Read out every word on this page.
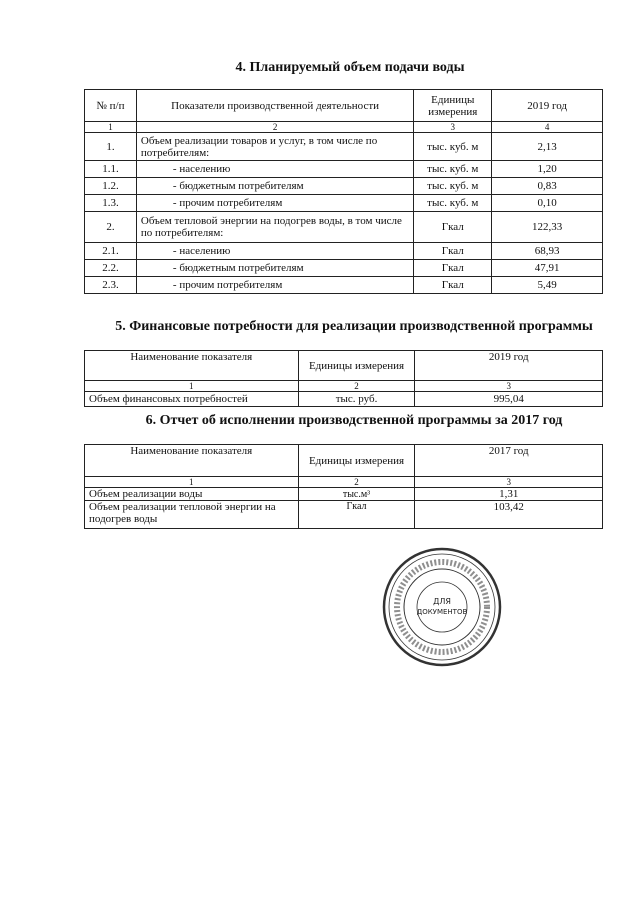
4. Планируемый объем подачи воды
№ п/п	Показатели производственной деятельности	Единицы измерения	2019 год
1	2	3	4
1.	Объем реализации товаров и услуг, в том числе по потребителям:	тыс. куб. м	2,13
1.1.	- населению	тыс. куб. м	1,20
1.2.	- бюджетным потребителям	тыс. куб. м	0,83
1.3.	- прочим потребителям	тыс. куб. м	0,10
2.	Объем тепловой энергии на подогрев воды, в том числе по потребителям:	Гкал	122,33
2.1.	- населению	Гкал	68,93
2.2.	- бюджетным потребителям	Гкал	47,91
2.3.	- прочим потребителям	Гкал	5,49
5. Финансовые потребности для реализации производственной программы
Наименование показателя	Единицы измерения	2019 год
1	2	3
Объем финансовых потребностей	тыс. руб.	995,04
6. Отчет об исполнении производственной программы за 2017 год
Наименование показателя	Единицы измерения	2017 год
1	2	3
Объем реализации воды	тыс.м³	1,31
Объем реализации тепловой энергии на подогрев воды	Гкал	103,42
ДЛЯ
ДОКУМЕНТОВ
